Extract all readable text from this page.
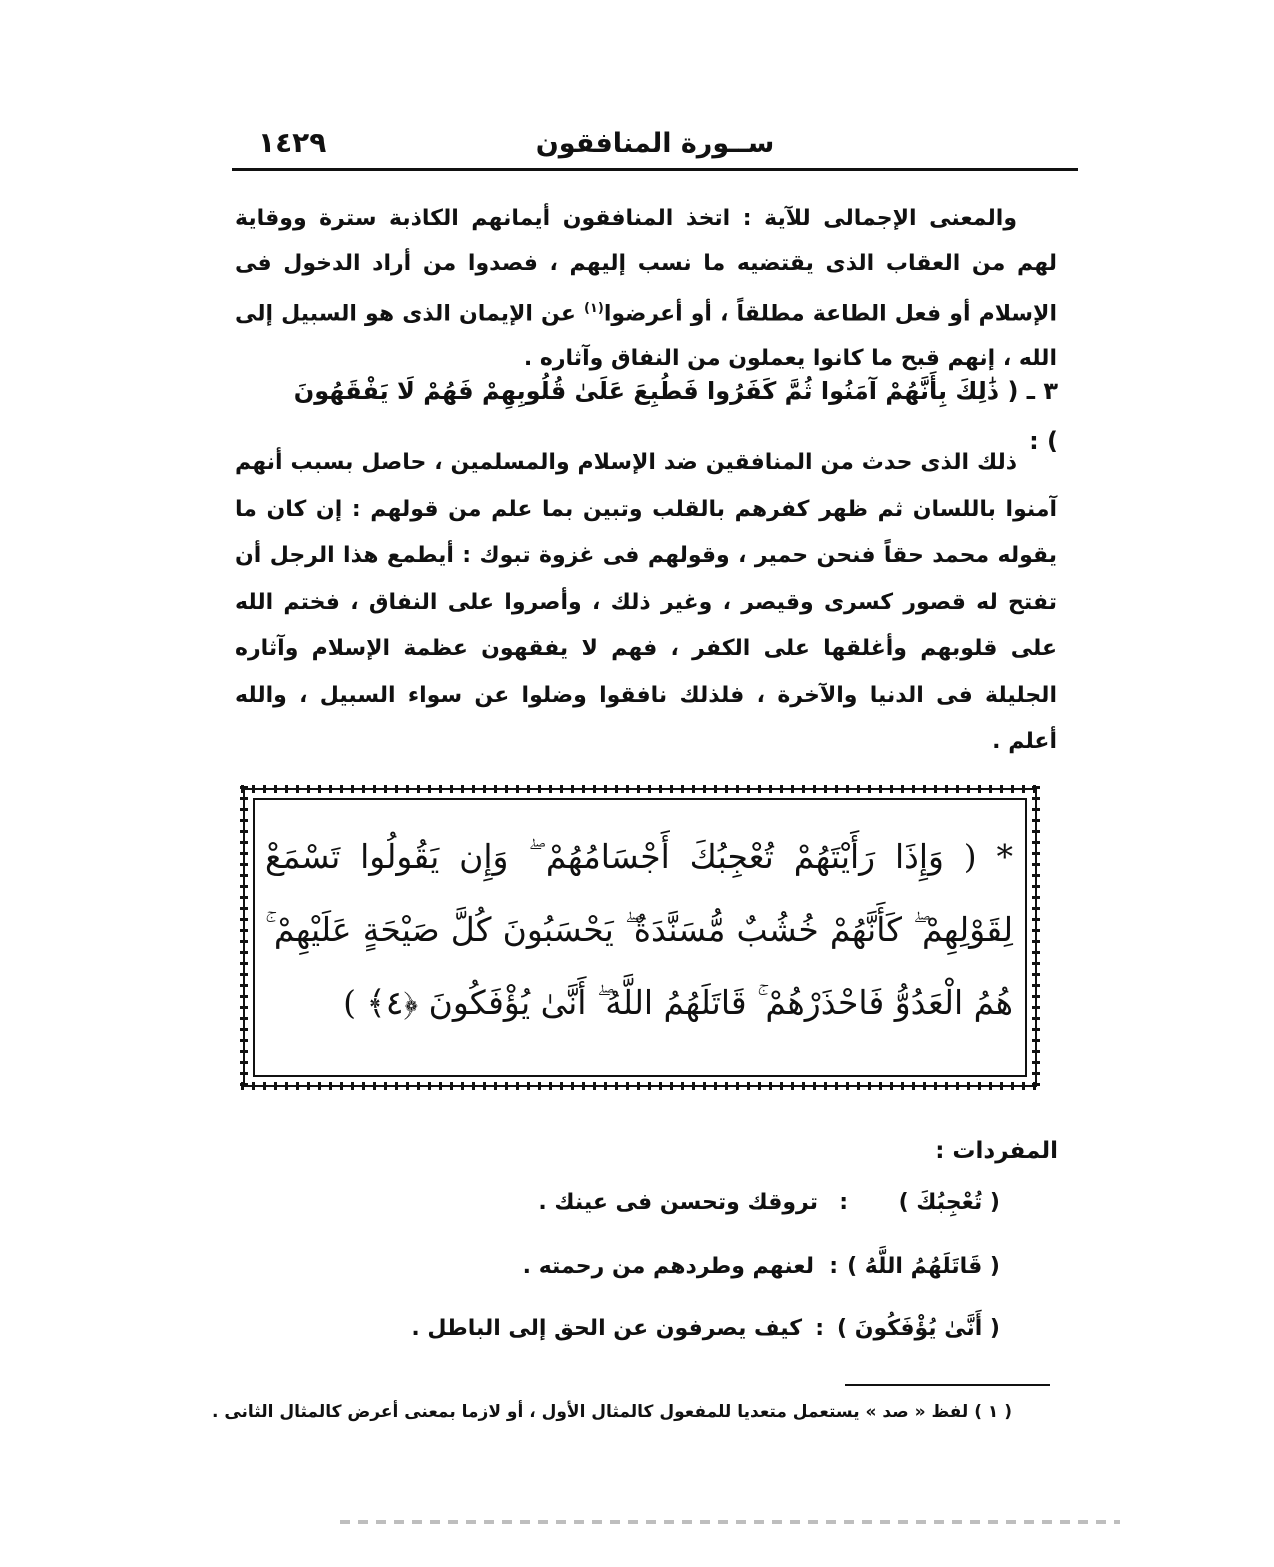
ســورة المنافقون
١٤٢٩

والمعنى الإجمالى للآية : اتخذ المنافقون أيمانهم الكاذبة سترة ووقاية لهم من العقاب الذى يقتضيه ما نسب إليهم ، فصدوا من أراد الدخول فى الإسلام أو فعل الطاعة مطلقاً ، أو أعرضوا$^{(١)}$ عن الإيمان الذى هو السبيل إلى الله ، إنهم قبح ما كانوا يعملون من النفاق وآثاره .

٣ ـ ( ذَٰلِكَ بِأَنَّهُمْ آمَنُوا ثُمَّ كَفَرُوا فَطُبِعَ عَلَىٰ قُلُوبِهِمْ فَهُمْ لَا يَفْقَهُونَ ) :

ذلك الذى حدث من المنافقين ضد الإسلام والمسلمين ، حاصل بسبب أنهم آمنوا باللسان ثم ظهر كفرهم بالقلب وتبين بما علم من قولهم : إن كان ما يقوله محمد حقاً فنحن حمير ، وقولهم فى غزوة تبوك : أيطمع هذا الرجل أن تفتح له قصور كسرى وقيصر ، وغير ذلك ، وأصروا على النفاق ، فختم الله على قلوبهم وأغلقها على الكفر ، فهم لا يفقهون عظمة الإسلام وآثاره الجليلة فى الدنيا والآخرة ، فلذلك نافقوا وضلوا عن سواء السبيل ، والله أعلم .

* ( وَإِذَا رَأَيْتَهُمْ تُعْجِبُكَ أَجْسَامُهُمْ ۖ وَإِن يَقُولُوا تَسْمَعْ لِقَوْلِهِمْ ۖ كَأَنَّهُمْ خُشُبٌ مُّسَنَّدَةٌ ۖ يَحْسَبُونَ كُلَّ صَيْحَةٍ عَلَيْهِمْ ۚ هُمُ الْعَدُوُّ فَاحْذَرْهُمْ ۚ قَاتَلَهُمُ اللَّهُ ۖ أَنَّىٰ يُؤْفَكُونَ ﴿٤﴾ )
المفردات :
( تُعْجِبُكَ )
:
تروقك وتحسن فى عينك .
( قَاتَلَهُمُ اللَّهُ )
:
لعنهم وطردهم من رحمته .
( أَنَّىٰ يُؤْفَكُونَ )
:
كيف يصرفون عن الحق إلى الباطل .
( ١ ) لفظ « صد » يستعمل متعديا للمفعول كالمثال الأول ، أو لازما بمعنى أعرض كالمثال الثانى .
